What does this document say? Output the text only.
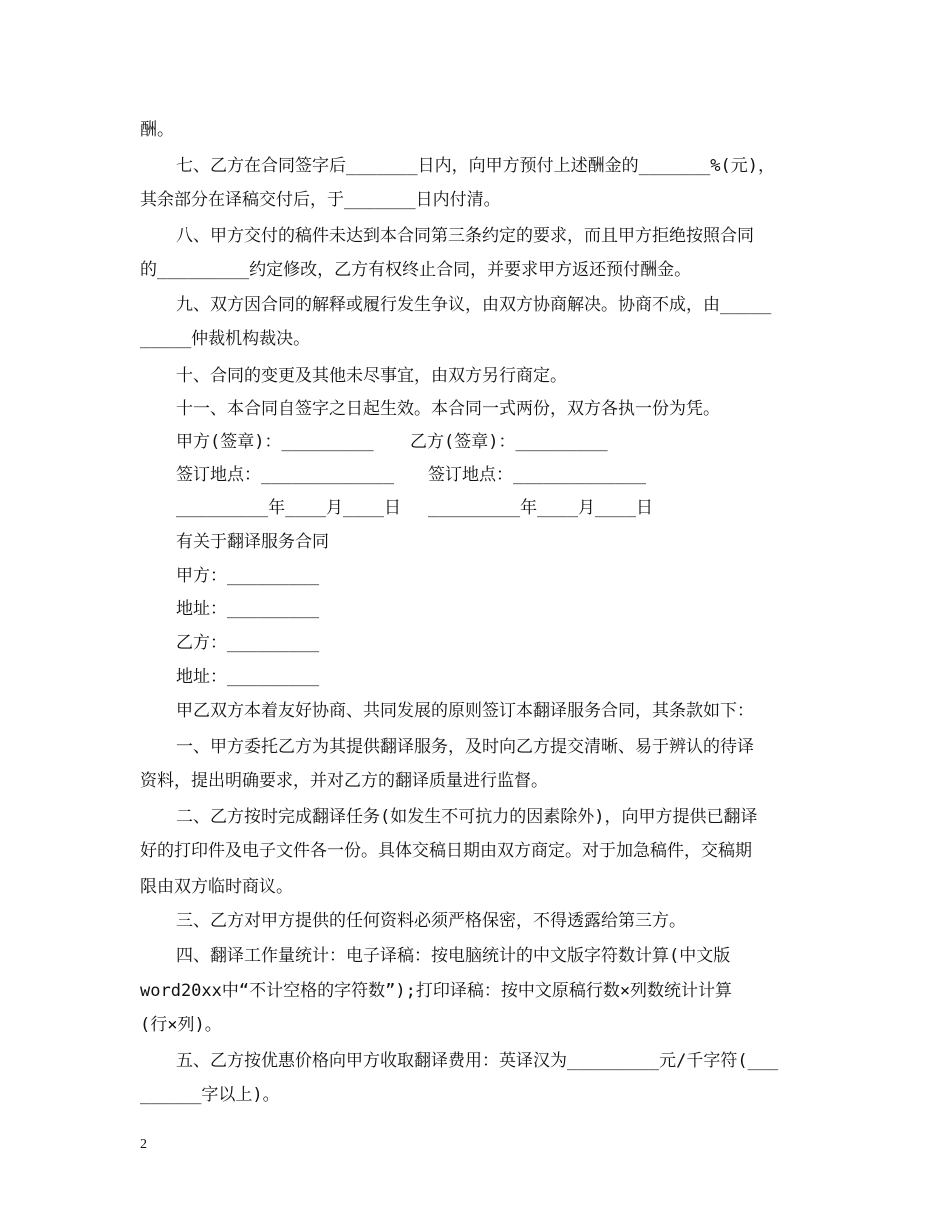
酬。
七、乙方在合同签字后_______日内，向甲方预付上述酬金的_______%(元)，
其余部分在译稿交付后，于_______日内付清。
八、甲方交付的稿件未达到本合同第三条约定的要求，而且甲方拒绝按照合同
的_________约定修改，乙方有权终止合同，并要求甲方返还预付酬金。
九、双方因合同的解释或履行发生争议，由双方协商解决。协商不成，由_____
_____仲裁机构裁决。
十、合同的变更及其他未尽事宜，由双方另行商定。
十一、本合同自签字之日起生效。本合同一式两份，双方各执一份为凭。
甲方(签章)：_________ 乙方(签章)：_________
签订地点：_____________ 签订地点：_____________
_________年____月____日 _________年____月____日
有关于翻译服务合同
甲方：_________
地址：_________
乙方：_________
地址：_________
甲乙双方本着友好协商、共同发展的原则签订本翻译服务合同，其条款如下：
一、甲方委托乙方为其提供翻译服务，及时向乙方提交清晰、易于辨认的待译
资料，提出明确要求，并对乙方的翻译质量进行监督。
二、乙方按时完成翻译任务(如发生不可抗力的因素除外)，向甲方提供已翻译
好的打印件及电子文件各一份。具体交稿日期由双方商定。对于加急稿件，交稿期
限由双方临时商议。
三、乙方对甲方提供的任何资料必须严格保密，不得透露给第三方。
四、翻译工作量统计：电子译稿：按电脑统计的中文版字符数计算(中文版
word20xx中“不计空格的字符数”);打印译稿：按中文原稿行数×列数统计计算
(行×列)。
五、乙方按优惠价格向甲方收取翻译费用：英译汉为_________元/千字符(___
______字以上)。
2
